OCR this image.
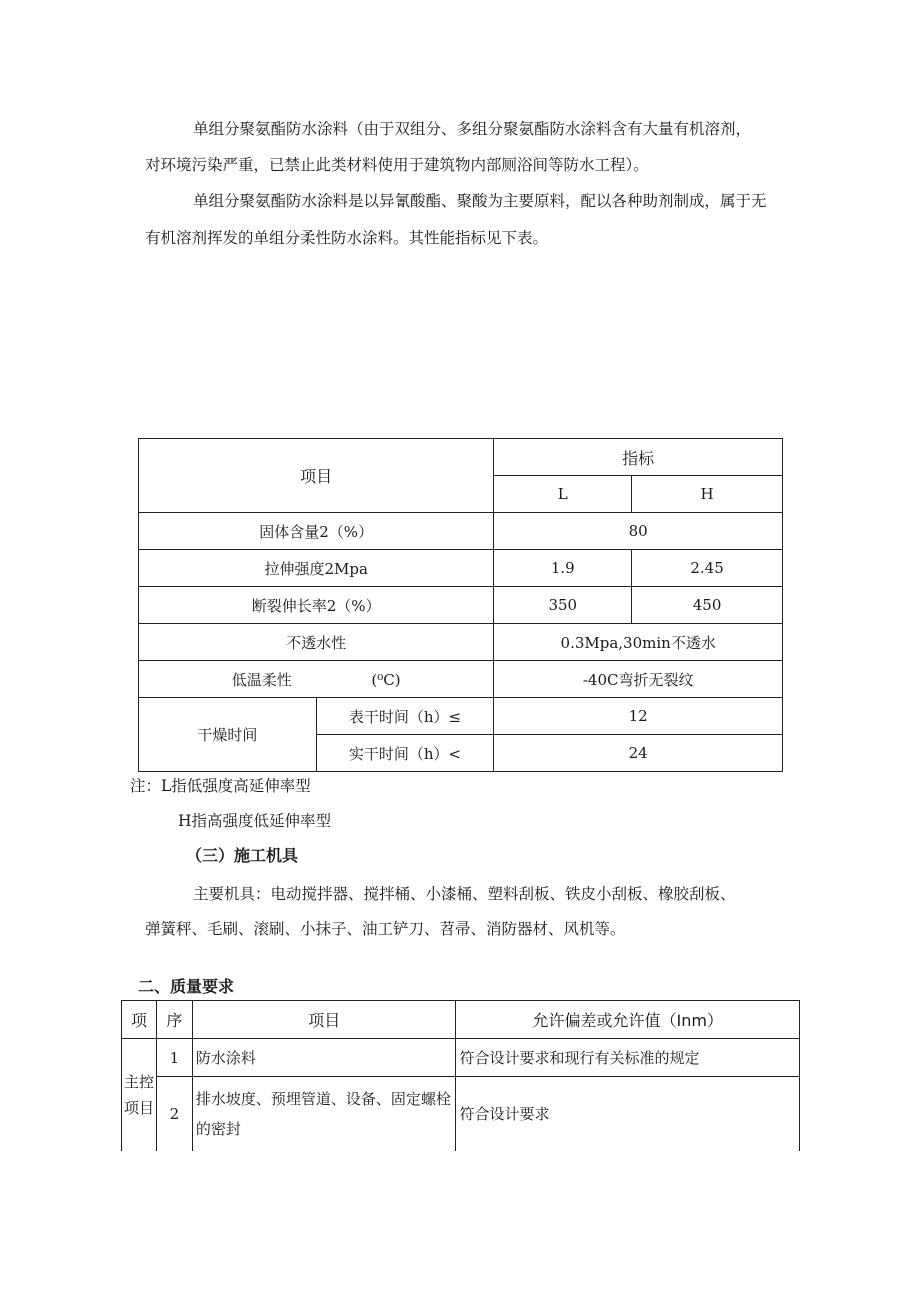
单组分聚氨酯防水涂料（由于双组分、多组分聚氨酯防水涂料含有大量有机溶剂，
对环境污染严重，已禁止此类材料使用于建筑物内部厕浴间等防水工程）。
单组分聚氨酯防水涂料是以异氰酸酯、聚酸为主要原料，配以各种助剂制成，属于无
有机溶剂挥发的单组分柔性防水涂料。其性能指标见下表。
项目		指标	
		L	H
固体含量2（%）		80	
拉伸强度2Mpa		1.9	2.45
断裂伸长率2（%）		350	450
不透水性		0.3Mpa,30min不透水	
低温柔性 (⁰C)		-40C弯折无裂纹	
干燥时间	表干时间（h）≤	12	
	实干时间（h）<	24	
注：L指低强度高延伸率型
H指高强度低延伸率型
（三）施工机具
主要机具：电动搅拌器、搅拌桶、小漆桶、塑料刮板、铁皮小刮板、橡胶刮板、
弹簧秤、毛刷、滚刷、小抹子、油工铲刀、苕帚、消防器材、风机等。
二、质量要求
项	序	项目	允许偏差或允许值（Inm）
主控项目	1	防水涂料	符合设计要求和现行有关标准的规定
	2	排水坡度、预埋管道、设备、固定螺栓的密封	符合设计要求
